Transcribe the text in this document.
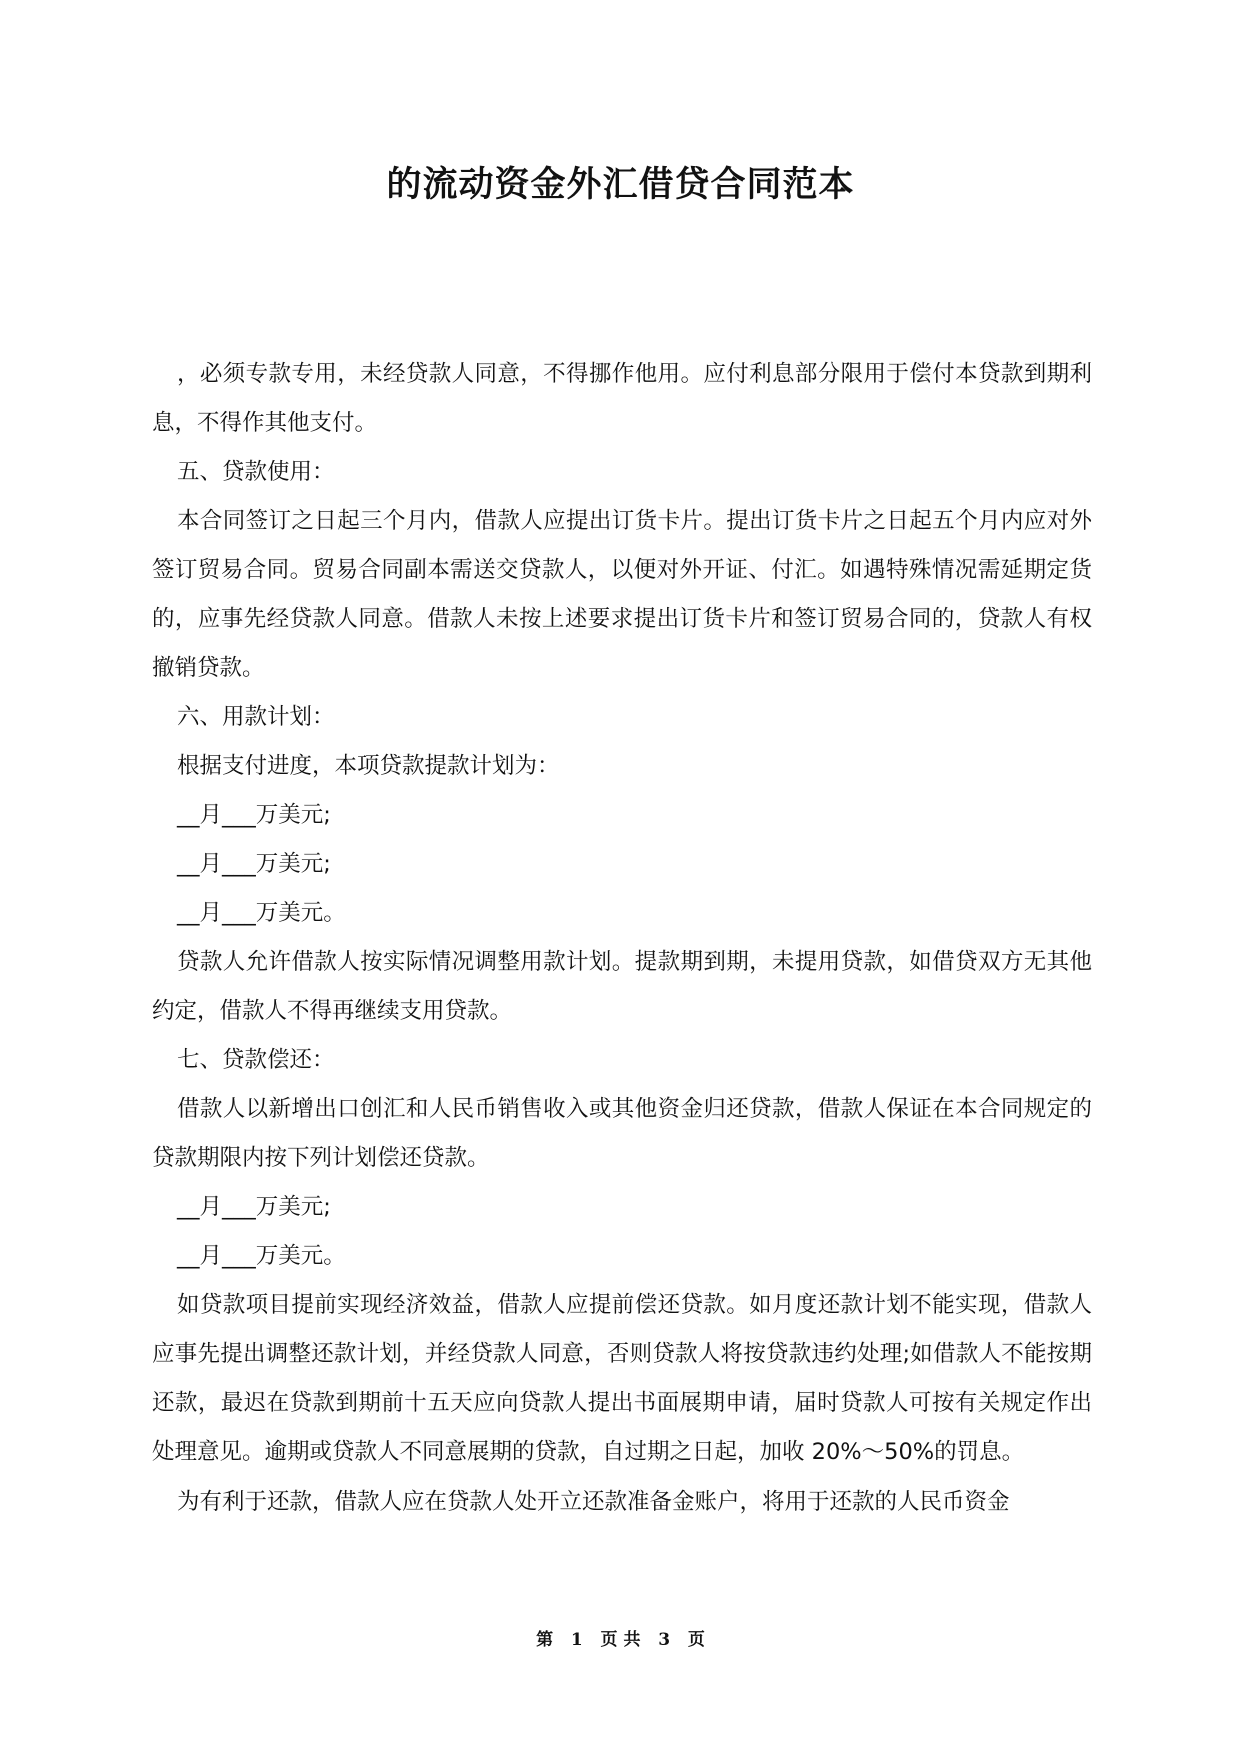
的流动资金外汇借贷合同范本

，必须专款专用，未经贷款人同意，不得挪作他用。应付利息部分限用于偿付本贷款到期利息，不得作其他支付。

五、贷款使用：

本合同签订之日起三个月内，借款人应提出订货卡片。提出订货卡片之日起五个月内应对外签订贸易合同。贸易合同副本需送交贷款人，以便对外开证、付汇。如遇特殊情况需延期定货的，应事先经贷款人同意。借款人未按上述要求提出订货卡片和签订贸易合同的，贷款人有权撤销贷款。

六、用款计划：

根据支付进度，本项贷款提款计划为：

__月___万美元;

__月___万美元;

__月___万美元。

贷款人允许借款人按实际情况调整用款计划。提款期到期，未提用贷款，如借贷双方无其他约定，借款人不得再继续支用贷款。

七、贷款偿还：

借款人以新增出口创汇和人民币销售收入或其他资金归还贷款，借款人保证在本合同规定的贷款期限内按下列计划偿还贷款。

__月___万美元;

__月___万美元。

如贷款项目提前实现经济效益，借款人应提前偿还贷款。如月度还款计划不能实现，借款人应事先提出调整还款计划，并经贷款人同意，否则贷款人将按贷款违约处理;如借款人不能按期还款，最迟在贷款到期前十五天应向贷款人提出书面展期申请，届时贷款人可按有关规定作出处理意见。逾期或贷款人不同意展期的贷款，自过期之日起，加收 20%～50%的罚息。

为有利于还款，借款人应在贷款人处开立还款准备金账户，将用于还款的人民币资金

第 1 页 共 3 页
